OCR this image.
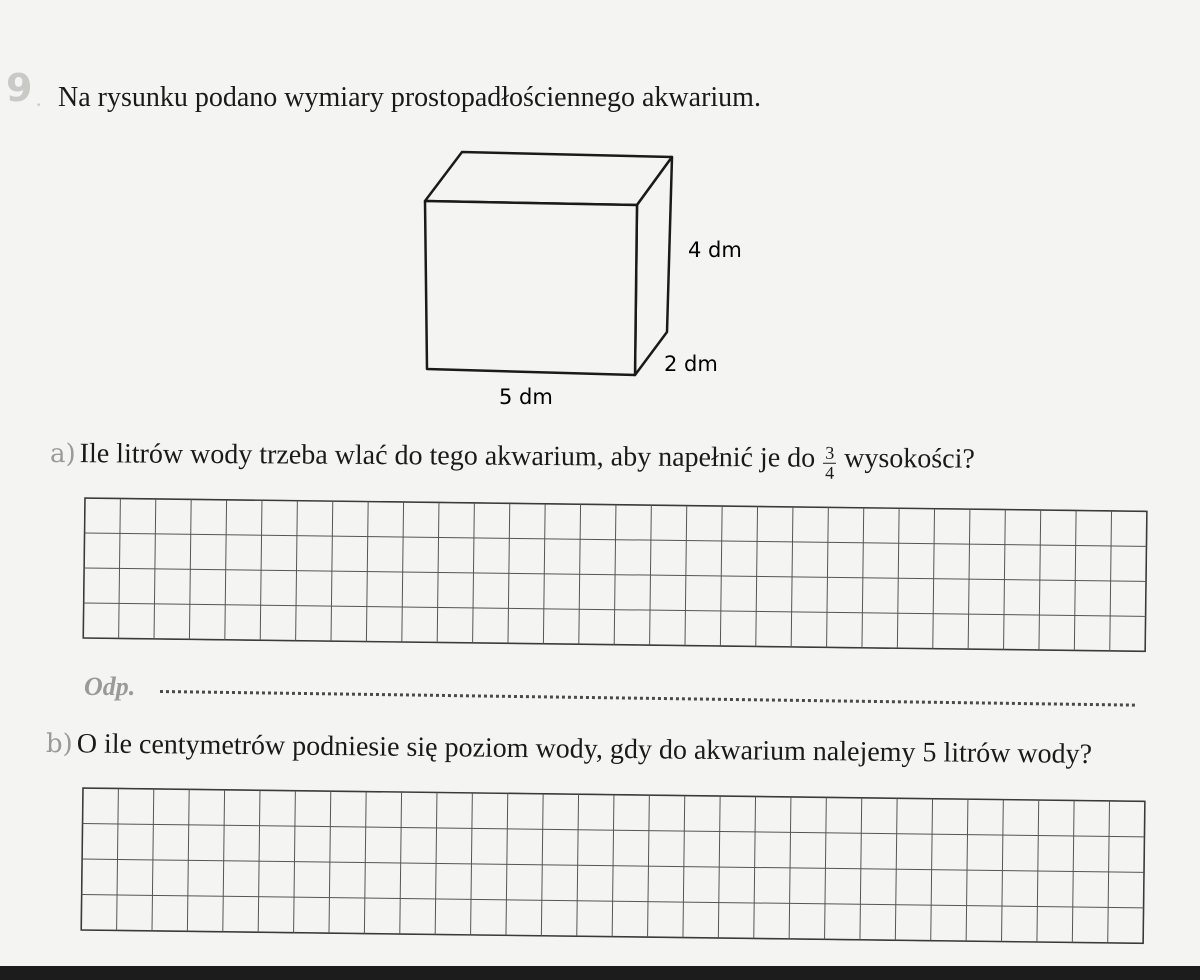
9 . Na rysunku podano wymiary prostopadłościennego akwarium.
4 dm
2 dm
5 dm
a) Ile litrów wody trzeba wlać do tego akwarium, aby napełnić je do $\frac{3}{4}$ wysokości?
Odp.
b) O ile centymetrów podniesie się poziom wody, gdy do akwarium nalejemy 5 litrów wody?
